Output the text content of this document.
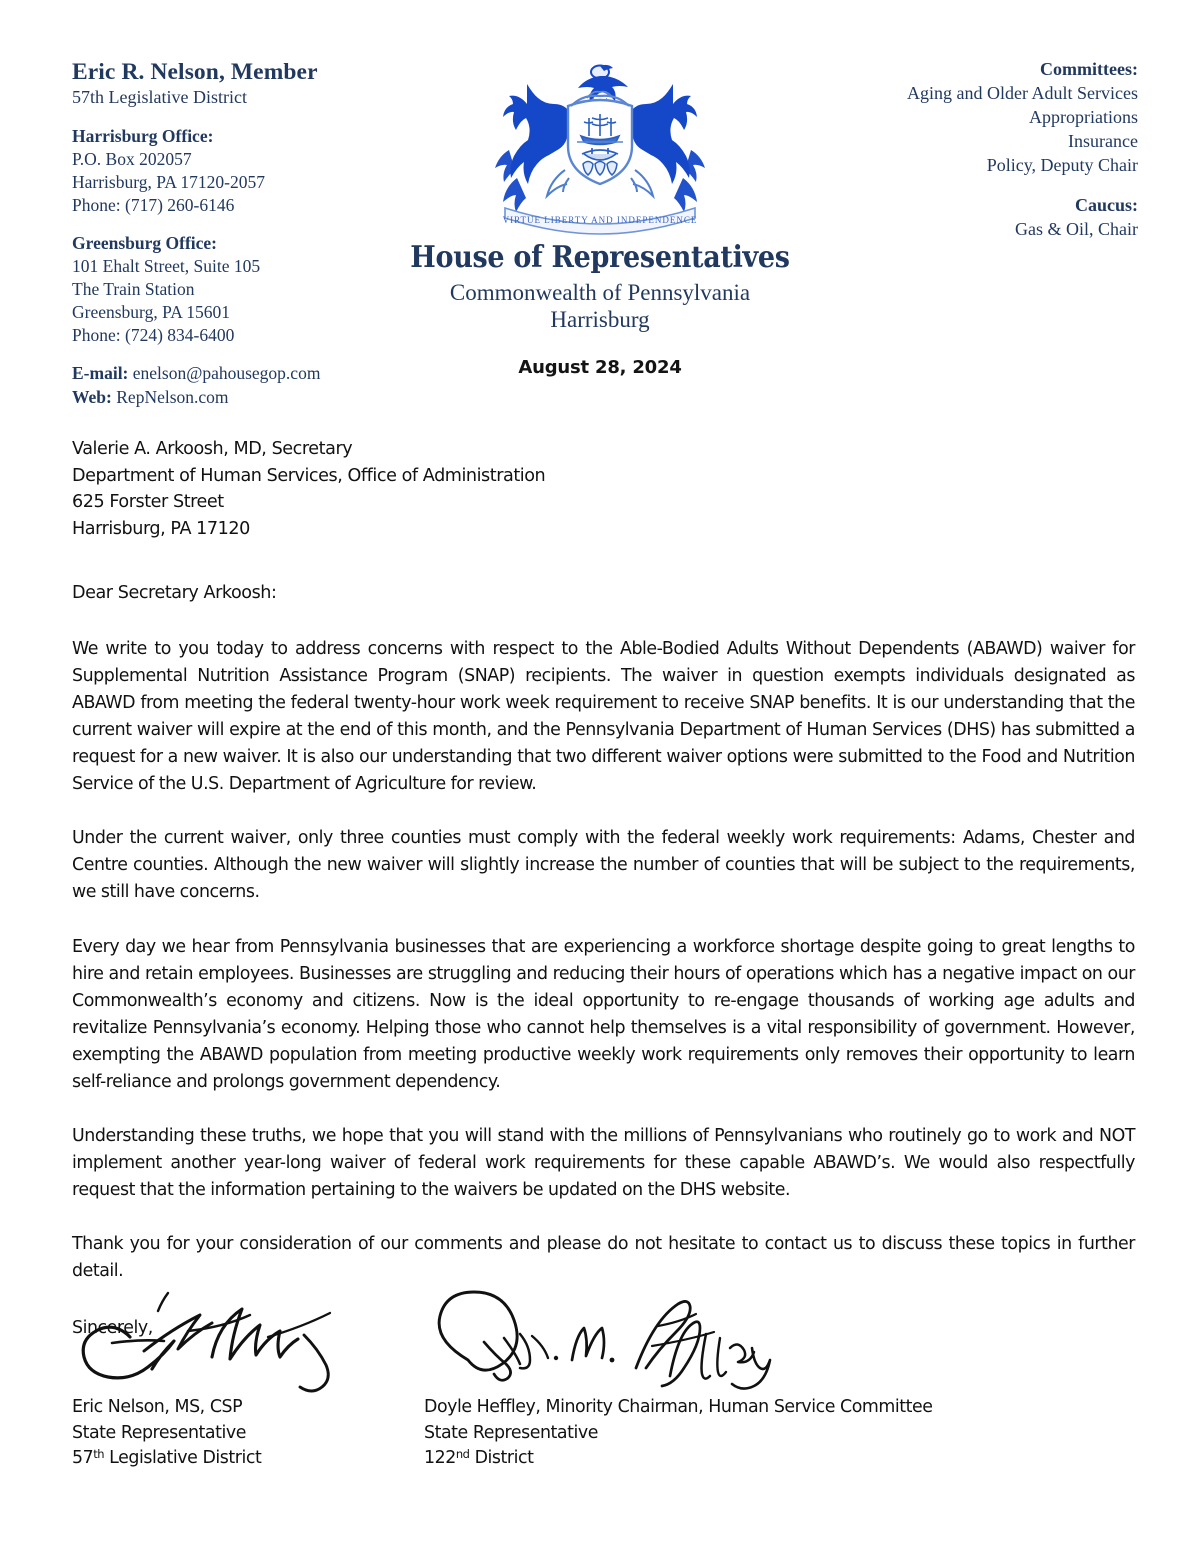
Eric R. Nelson, Member
57th Legislative District
Harrisburg Office:
P.O. Box 202057
Harrisburg, PA 17120-2057
Phone: (717) 260-6146
Greensburg Office:
101 Ehalt Street, Suite 105
The Train Station
Greensburg, PA 15601
Phone: (724) 834-6400
E-mail: enelson@pahousegop.com
Web: RepNelson.com
VIRTUE LIBERTY AND INDEPENDENCE
House of Representatives
Commonwealth of Pennsylvania
Harrisburg
August 28, 2024
Committees:
Aging and Older Adult Services
Appropriations
Insurance
Policy, Deputy Chair
Caucus:
Gas & Oil, Chair
Valerie A. Arkoosh, MD, Secretary
Department of Human Services, Office of Administration
625 Forster Street
Harrisburg, PA 17120
Dear Secretary Arkoosh:
We write to you today to address concerns with respect to the Able-Bodied Adults Without Dependents (ABAWD) waiver for Supplemental Nutrition Assistance Program (SNAP) recipients. The waiver in question exempts individuals designated as ABAWD from meeting the federal twenty-hour work week requirement to receive SNAP benefits. It is our understanding that the current waiver will expire at the end of this month, and the Pennsylvania Department of Human Services (DHS) has submitted a request for a new waiver. It is also our understanding that two different waiver options were submitted to the Food and Nutrition Service of the U.S. Department of Agriculture for review.
Under the current waiver, only three counties must comply with the federal weekly work requirements: Adams, Chester and Centre counties. Although the new waiver will slightly increase the number of counties that will be subject to the requirements, we still have concerns.
Every day we hear from Pennsylvania businesses that are experiencing a workforce shortage despite going to great lengths to hire and retain employees. Businesses are struggling and reducing their hours of operations which has a negative impact on our Commonwealth’s economy and citizens. Now is the ideal opportunity to re-engage thousands of working age adults and revitalize Pennsylvania’s economy. Helping those who cannot help themselves is a vital responsibility of government. However, exempting the ABAWD population from meeting productive weekly work requirements only removes their opportunity to learn self-reliance and prolongs government dependency.
Understanding these truths, we hope that you will stand with the millions of Pennsylvanians who routinely go to work and NOT implement another year-long waiver of federal work requirements for these capable ABAWD’s. We would also respectfully request that the information pertaining to the waivers be updated on the DHS website.
Thank you for your consideration of our comments and please do not hesitate to contact us to discuss these topics in further detail.
Sincerely,
Eric Nelson, MS, CSP
State Representative
57th Legislative District
Doyle Heffley, Minority Chairman, Human Service Committee
State Representative
122nd District
